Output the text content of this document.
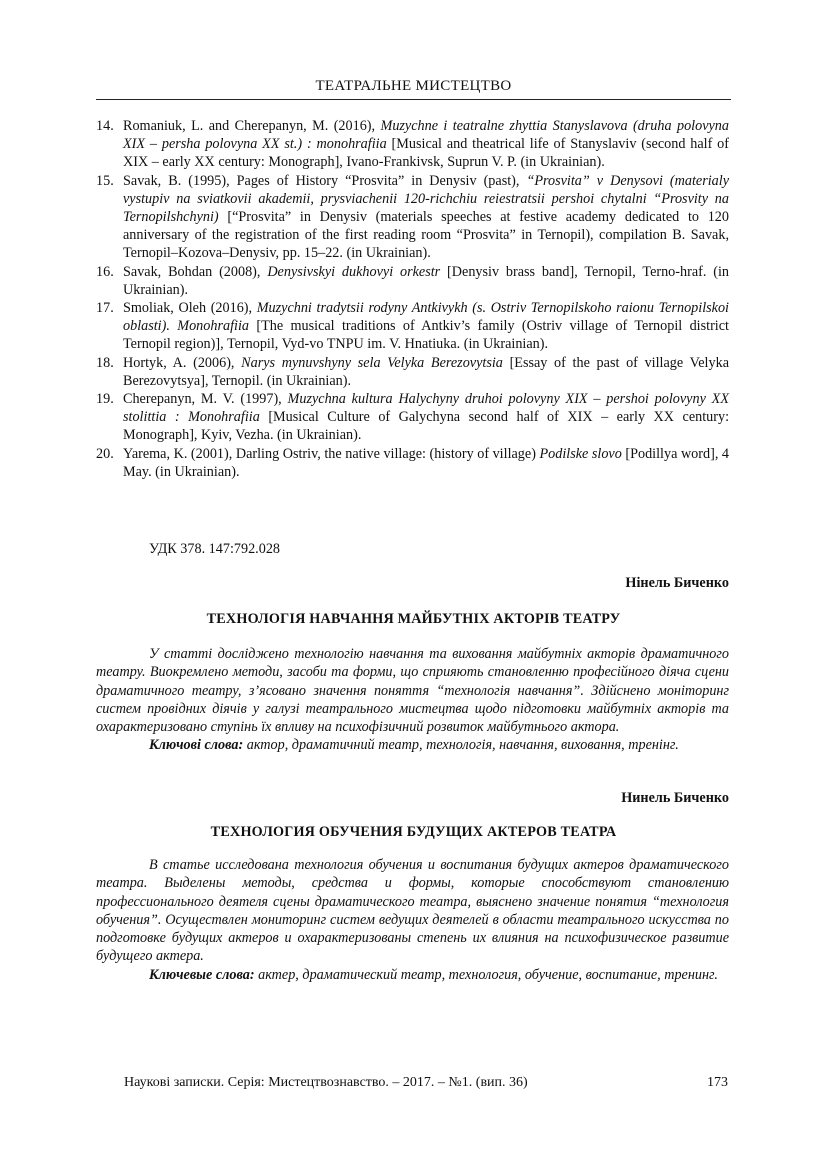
ТЕАТРАЛЬНЕ МИСТЕЦТВО
14. Romaniuk, L. and Cherepanyn, M. (2016), Muzychne i teatralne zhyttia Stanyslavova (druha polovyna XIX – persha polovyna XX st.) : monohrafiia [Musical and theatrical life of Stanyslaviv (second half of XIX – early XX century: Monograph], Ivano-Frankivsk, Suprun V. P. (in Ukrainian).
15. Savak, B. (1995), Pages of History “Prosvita” in Denysiv (past), “Prosvita” v Denysovi (materialy vystupiv na sviatkovii akademii, prysviachenii 120-richchiu reiestratsii pershoi chytalni “Prosvity na Ternopilshchyni) [“Prosvita” in Denysiv (materials speeches at festive academy dedicated to 120 anniversary of the registration of the first reading room “Prosvita” in Ternopil), compilation B. Savak, Ternopil–Kozova–Denysiv, pp. 15–22. (in Ukrainian).
16. Savak, Bohdan (2008), Denysivskyi dukhovyi orkestr [Denysiv brass band], Ternopil, Terno-hraf. (in Ukrainian).
17. Smoliak, Oleh (2016), Muzychni tradytsii rodyny Antkivykh (s. Ostriv Ternopilskoho raionu Ternopilskoi oblasti). Monohrafiia [The musical traditions of Antkiv’s family (Ostriv village of Ternopil district Ternopil region)], Ternopil, Vyd-vo TNPU im. V. Hnatiuka. (in Ukrainian).
18. Hortyk, A. (2006), Narys mynuvshyny sela Velyka Berezovytsia [Essay of the past of village Velyka Berezovytsya], Ternopil. (in Ukrainian).
19. Cherepanyn, M. V. (1997), Muzychna kultura Halychyny druhoi polovyny XIX – pershoi polovyny XX stolittia : Monohrafiia [Musical Culture of Galychyna second half of XIX – early XX century: Monograph], Kyiv, Vezha. (in Ukrainian).
20. Yarema, K. (2001), Darling Ostriv, the native village: (history of village) Podilske slovo [Podillya word], 4 May. (in Ukrainian).
УДК 378. 147:792.028
Нінель Биченко
ТЕХНОЛОГІЯ НАВЧАННЯ МАЙБУТНІХ АКТОРІВ ТЕАТРУ

У статті досліджено технологію навчання та виховання майбутніх акторів драматичного театру. Виокремлено методи, засоби та форми, що сприяють становленню професійного діяча сцени драматичного театру, з’ясовано значення поняття “технологія навчання”. Здійснено моніторинг систем провідних діячів у галузі театрального мистецтва щодо підготовки майбутніх акторів та охарактеризовано ступінь їх впливу на психофізичний розвиток майбутнього актора.

Ключові слова: актор, драматичний театр, технологія, навчання, виховання, тренінг.

Нинель Биченко
ТЕХНОЛОГИЯ ОБУЧЕНИЯ БУДУЩИХ АКТЕРОВ ТЕАТРА

В статье исследована технология обучения и воспитания будущих актеров драматического театра. Выделены методы, средства и формы, которые способствуют становлению профессионального деятеля сцены драматического театра, выяснено значение понятия “технология обучения”. Осуществлен мониторинг систем ведущих деятелей в области театрального искусства по подготовке будущих актеров и охарактеризованы степень их влияния на психофизическое развитие будущего актера.

Ключевые слова: актер, драматический театр, технология, обучение, воспитание, тренинг.

Наукові записки. Серія: Мистецтвознавство. – 2017. – №1. (вип. 36)	173
